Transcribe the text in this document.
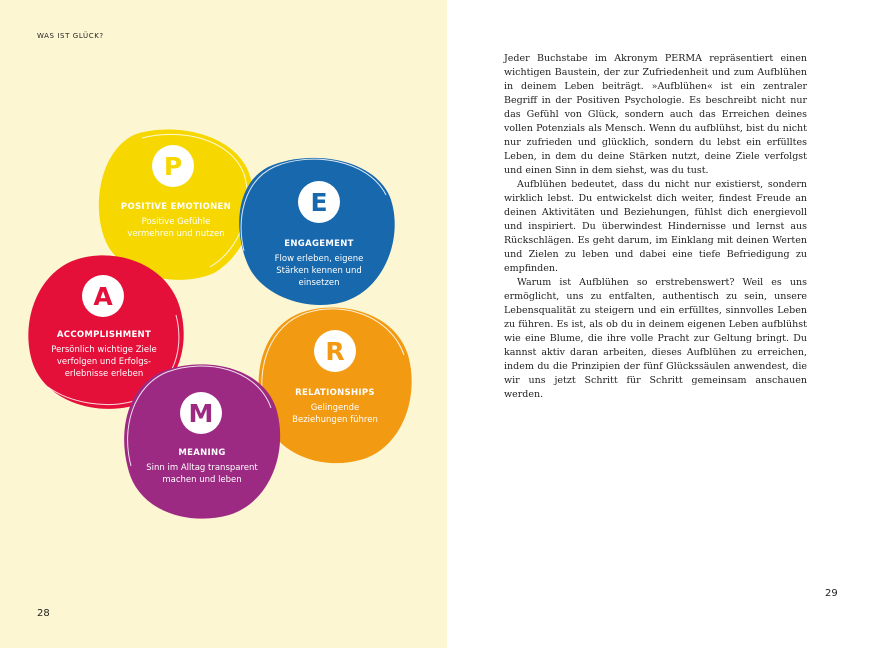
WAS IST GLÜCK?
P
POSITIVE EMOTIONEN
Positive Gefühle
vermehren und nutzen
E
ENGAGEMENT
Flow erleben, eigene
Stärken kennen und
einsetzen
A
ACCOMPLISHMENT
Persönlich wichtige Ziele
verfolgen und Erfolgs-
erlebnisse erleben
R
RELATIONSHIPS
Gelingende
Beziehungen führen
M
MEANING
Sinn im Alltag transparent
machen und leben
28

Jeder Buchstabe im Akronym PERMA repräsentiert einen wichtigen Baustein, der zur Zufriedenheit und zum Aufblühen in deinem Leben beiträgt. »Aufblühen« ist ein zentraler Begriff in der Positiven Psychologie. Es beschreibt nicht nur das Gefühl von Glück, sondern auch das Erreichen deines vollen Potenzials als Mensch. Wenn du aufblühst, bist du nicht nur zufrieden und glücklich, sondern du lebst ein erfülltes Leben, in dem du deine Stärken nutzt, deine Ziele verfolgst und einen Sinn in dem siehst, was du tust.

Aufblühen bedeutet, dass du nicht nur existierst, sondern wirklich lebst. Du entwickelst dich weiter, findest Freude an deinen Aktivitäten und Beziehungen, fühlst dich energievoll und inspiriert. Du überwindest Hindernisse und lernst aus Rückschlägen. Es geht darum, im Einklang mit deinen Werten und Zielen zu leben und dabei eine tiefe Befriedigung zu empfinden.

Warum ist Aufblühen so erstrebenswert? Weil es uns ermöglicht, uns zu entfalten, authentisch zu sein, unsere Lebensqualität zu steigern und ein erfülltes, sinnvolles Leben zu führen. Es ist, als ob du in deinem eigenen Leben aufblühst wie eine Blume, die ihre volle Pracht zur Geltung bringt. Du kannst aktiv daran arbeiten, dieses Aufblühen zu erreichen, indem du die Prinzipien der fünf Glückssäulen anwendest, die wir uns jetzt Schritt für Schritt gemeinsam anschauen werden.

29
